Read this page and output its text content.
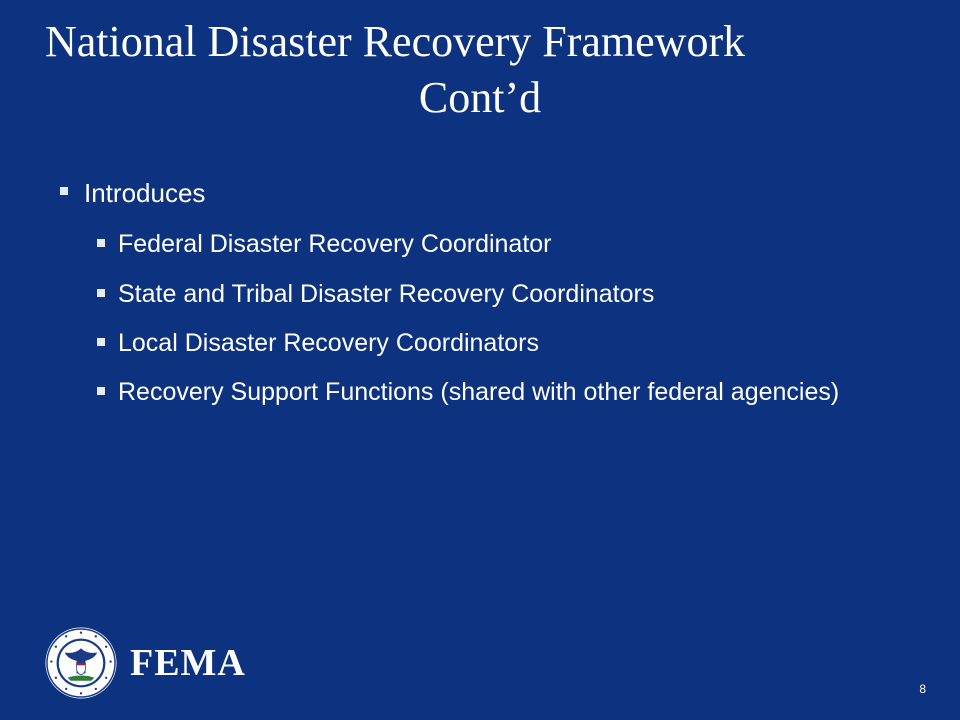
National Disaster Recovery Framework
Cont’d
Introduces
Federal Disaster Recovery Coordinator
State and Tribal Disaster Recovery Coordinators
Local Disaster Recovery Coordinators
Recovery Support Functions (shared with other federal agencies)
FEMA
8
